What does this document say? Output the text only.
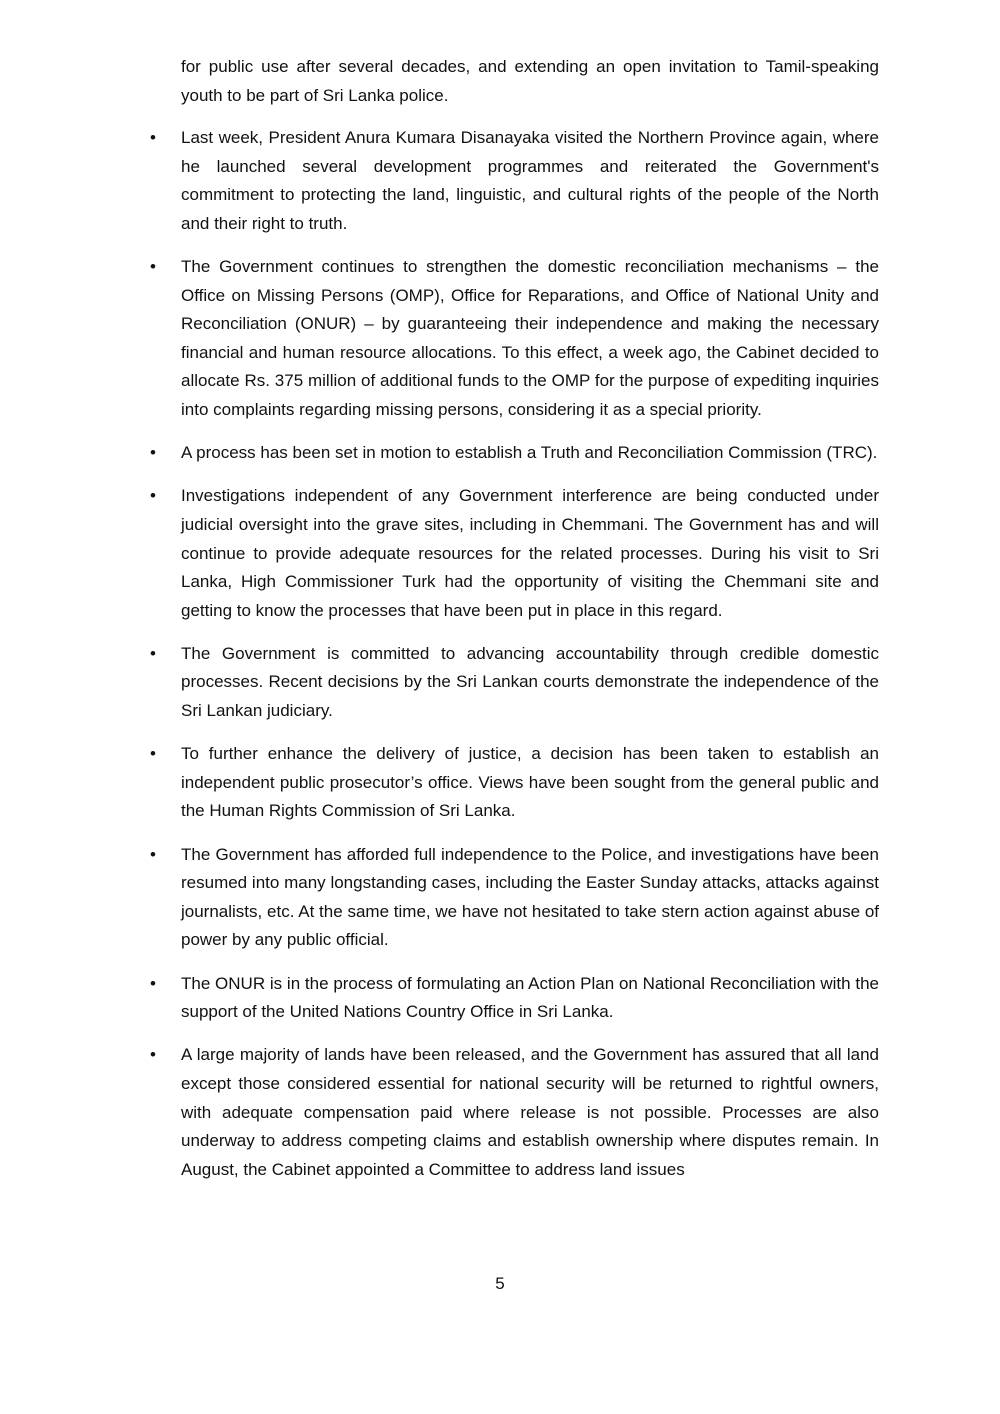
for public use after several decades, and extending an open invitation to Tamil-speaking youth to be part of Sri Lanka police.

• Last week, President Anura Kumara Disanayaka visited the Northern Province again, where he launched several development programmes and reiterated the Government's commitment to protecting the land, linguistic, and cultural rights of the people of the North and their right to truth.

• The Government continues to strengthen the domestic reconciliation mechanisms – the Office on Missing Persons (OMP), Office for Reparations, and Office of National Unity and Reconciliation (ONUR) – by guaranteeing their independence and making the necessary financial and human resource allocations. To this effect, a week ago, the Cabinet decided to allocate Rs. 375 million of additional funds to the OMP for the purpose of expediting inquiries into complaints regarding missing persons, considering it as a special priority.

• A process has been set in motion to establish a Truth and Reconciliation Commission (TRC).

• Investigations independent of any Government interference are being conducted under judicial oversight into the grave sites, including in Chemmani. The Government has and will continue to provide adequate resources for the related processes. During his visit to Sri Lanka, High Commissioner Turk had the opportunity of visiting the Chemmani site and getting to know the processes that have been put in place in this regard.

• The Government is committed to advancing accountability through credible domestic processes. Recent decisions by the Sri Lankan courts demonstrate the independence of the Sri Lankan judiciary.

• To further enhance the delivery of justice, a decision has been taken to establish an independent public prosecutor’s office. Views have been sought from the general public and the Human Rights Commission of Sri Lanka.

• The Government has afforded full independence to the Police, and investigations have been resumed into many longstanding cases, including the Easter Sunday attacks, attacks against journalists, etc. At the same time, we have not hesitated to take stern action against abuse of power by any public official.

• The ONUR is in the process of formulating an Action Plan on National Reconciliation with the support of the United Nations Country Office in Sri Lanka.

• A large majority of lands have been released, and the Government has assured that all land except those considered essential for national security will be returned to rightful owners, with adequate compensation paid where release is not possible. Processes are also underway to address competing claims and establish ownership where disputes remain. In August, the Cabinet appointed a Committee to address land issues

5
